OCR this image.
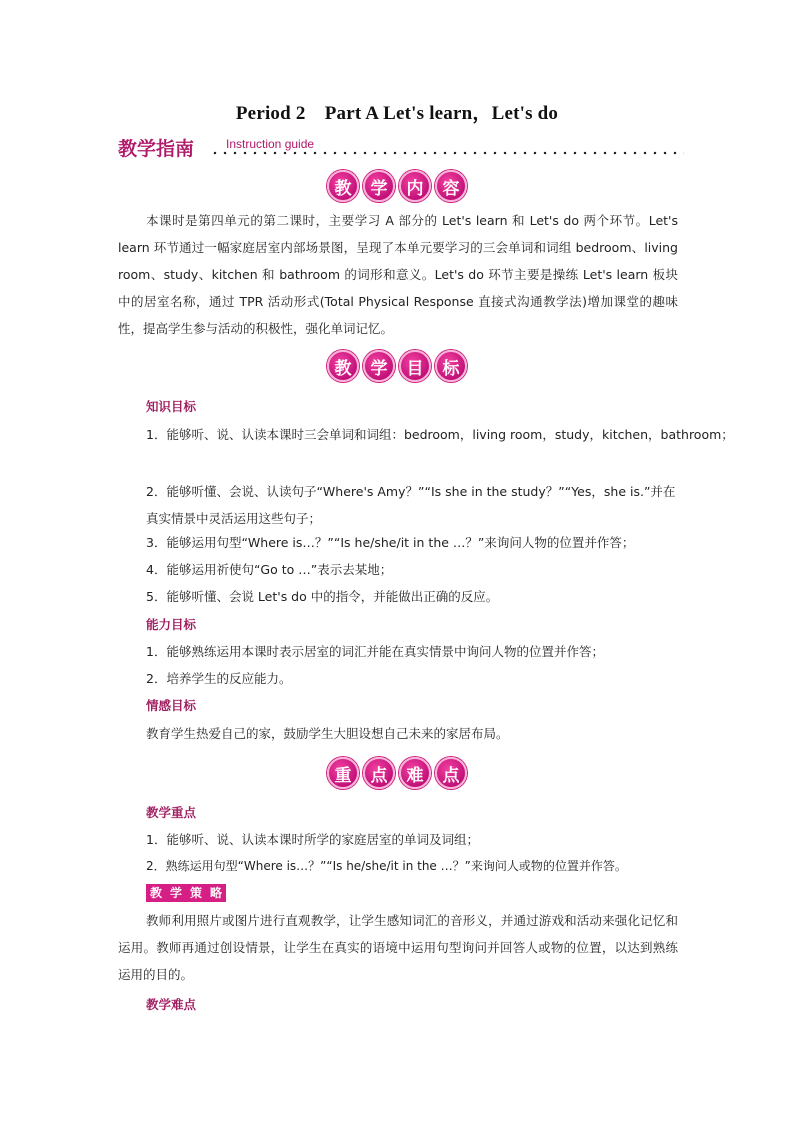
Period 2　Part A Let's learn，Let's do
教学指南	Instruction guide
教	学	内	容
本课时是第四单元的第二课时，主要学习 A 部分的 Let's learn 和 Let's do 两个环节。Let's learn 环节通过一幅家庭居室内部场景图，呈现了本单元要学习的三会单词和词组 bedroom、living room、study、kitchen 和 bathroom 的词形和意义。Let's do 环节主要是操练 Let's learn 板块中的居室名称，通过 TPR 活动形式(Total Physical Response 直接式沟通教学法)增加课堂的趣味性，提高学生参与活动的积极性，强化单词记忆。
教	学	目	标
知识目标
1．能够听、说、认读本课时三会单词和词组：bedroom，living room，study，kitchen，bathroom；
2．能够听懂、会说、认读句子“Where's Amy？”“Is she in the study？”“Yes，she is.”并在真实情景中灵活运用这些句子；
3．能够运用句型“Where is…？”“Is he/she/it in the …？”来询问人物的位置并作答；
4．能够运用祈使句“Go to …”表示去某地；
5．能够听懂、会说 Let's do 中的指令，并能做出正确的反应。
能力目标
1．能够熟练运用本课时表示居室的词汇并能在真实情景中询问人物的位置并作答；
2．培养学生的反应能力。
情感目标
教育学生热爱自己的家，鼓励学生大胆设想自己未来的家居布局。
重	点	难	点
教学重点
1．能够听、说、认读本课时所学的家庭居室的单词及词组；
2．熟练运用句型“Where is…？”“Is he/she/it in the …？”来询问人或物的位置并作答。
教 学 策 略
教师利用照片或图片进行直观教学，让学生感知词汇的音形义，并通过游戏和活动来强化记忆和运用。教师再通过创设情景，让学生在真实的语境中运用句型询问并回答人或物的位置，以达到熟练运用的目的。
教学难点
